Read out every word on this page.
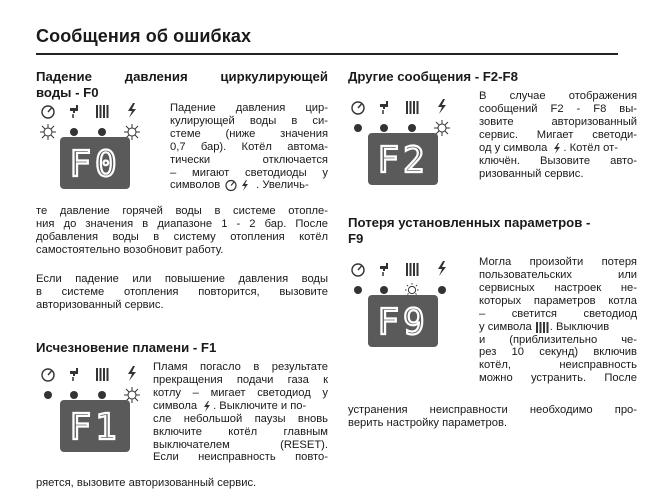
Сообщения об ошибках
Падение давления циркулирующей
воды - F0
F0
Падение давления цир-
кулирующей воды в си-
стеме (ниже значения
0,7 бар). Котёл автома-
тически отключается
– мигают светодиоды у
символов	. Увеличь-
те давление горячей воды в системе отопле-
ния до значения в диапазоне 1 - 2 бар. После
добавления воды в систему отопления котёл
самостоятельно возобновит работу.
Если падение или повышение давления воды
в системе отопления повторится, вызовите
авторизованный сервис.
Исчезновение пламени - F1
F1
Пламя погасло в результате
прекращения подачи газа к
котлу – мигает светодиод у
символа . Выключите и по-
сле небольшой паузы вновь
включите котёл главным
выключателем (RESET).
Если неисправность повто-
ряется, вызовите авторизованный сервис.
Другие сообщения - F2-F8
F2
В случае отображения
сообщений F2 - F8 вы-
зовите авторизованный
сервис. Мигает светоди-
од у символа . Котёл от-
ключён. Вызовите авто-
ризованный сервис.
Потеря установленных параметров -
F9
F9
Могла произойти потеря
пользовательских или
сервисных настроек не-
которых параметров котла
– светится светодиод
у символа . Выключив
и (приблизительно че-
рез 10 секунд) включив
котёл, неисправность
можно устранить. После
устранения неисправности необходимо про-
верить настройку параметров.
